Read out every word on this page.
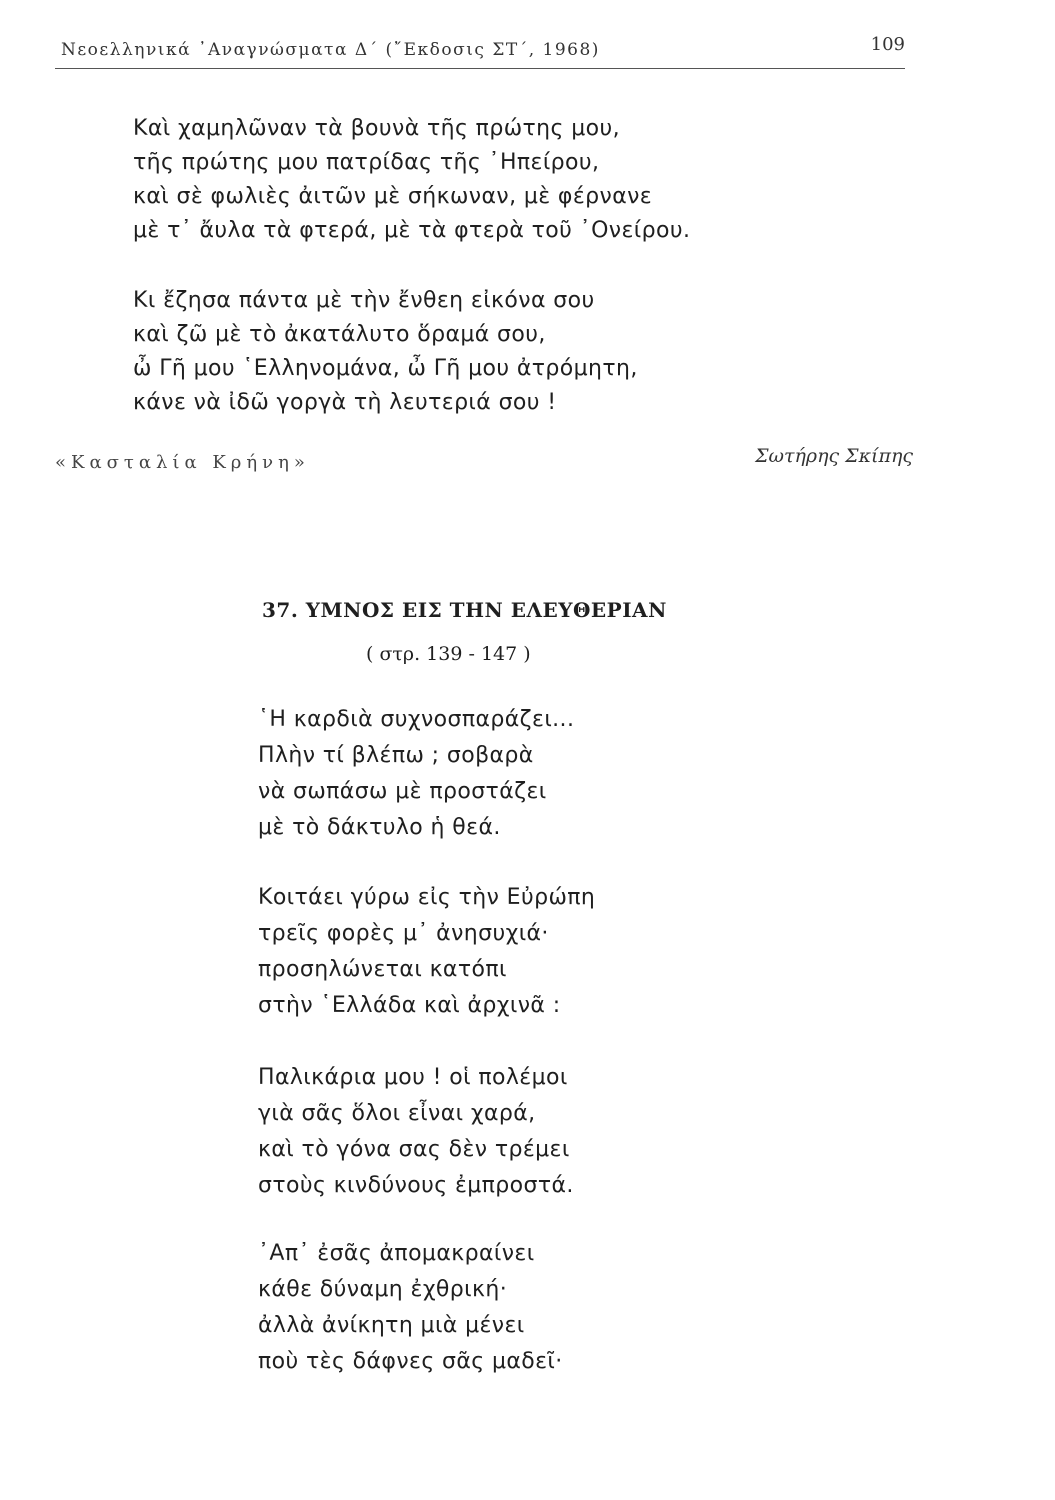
Νεοελληνικά ᾿Αναγνώσματα Δ΄ (῎Εκδοσις ΣΤ΄, 1968)	109
Καὶ χαμηλῶναν τὰ βουνὰ τῆς πρώτης μου,
τῆς πρώτης μου πατρίδας τῆς ᾿Ηπείρου,
καὶ σὲ φωλιὲς ἀιτῶν μὲ σήκωναν, μὲ φέρνανε
μὲ τ᾿ ἄυλα τὰ φτερά, μὲ τὰ φτερὰ τοῦ ᾿Ονείρου.
Κι ἔζησα πάντα μὲ τὴν ἔνθεη εἰκόνα σου
καὶ ζῶ μὲ τὸ ἀκατάλυτο ὅραμά σου,
ὦ Γῆ μου ῾Ελληνομάνα, ὦ Γῆ μου ἀτρόμητη,
κάνε νὰ ἰδῶ γοργὰ τὴ λευτεριά σου !
«Κασταλία Κρήνη»	Σωτήρης Σκίπης
37. ΥΜΝΟΣ ΕΙΣ ΤΗΝ ΕΛΕΥΘΕΡΙΑΝ
( στρ. 139 - 147 )
῾Η καρδιὰ συχνοσπαράζει...
Πλὴν τί βλέπω ; σοβαρὰ
νὰ σωπάσω μὲ προστάζει
μὲ τὸ δάκτυλο ἡ θεά.
Κοιτάει γύρω εἰς τὴν Εὐρώπη
τρεῖς φορὲς μ᾿ ἀνησυχιά·
προσηλώνεται κατόπι
στὴν ῾Ελλάδα καὶ ἀρχινᾶ :
Παλικάρια μου ! οἱ πολέμοι
γιὰ σᾶς ὅλοι εἶναι χαρά,
καὶ τὸ γόνα σας δὲν τρέμει
στοὺς κινδύνους ἐμπροστά.
᾿Απ᾿ ἐσᾶς ἀπομακραίνει
κάθε δύναμη ἐχθρική·
ἀλλὰ ἀνίκητη μιὰ μένει
ποὺ τὲς δάφνες σᾶς μαδεῖ·
